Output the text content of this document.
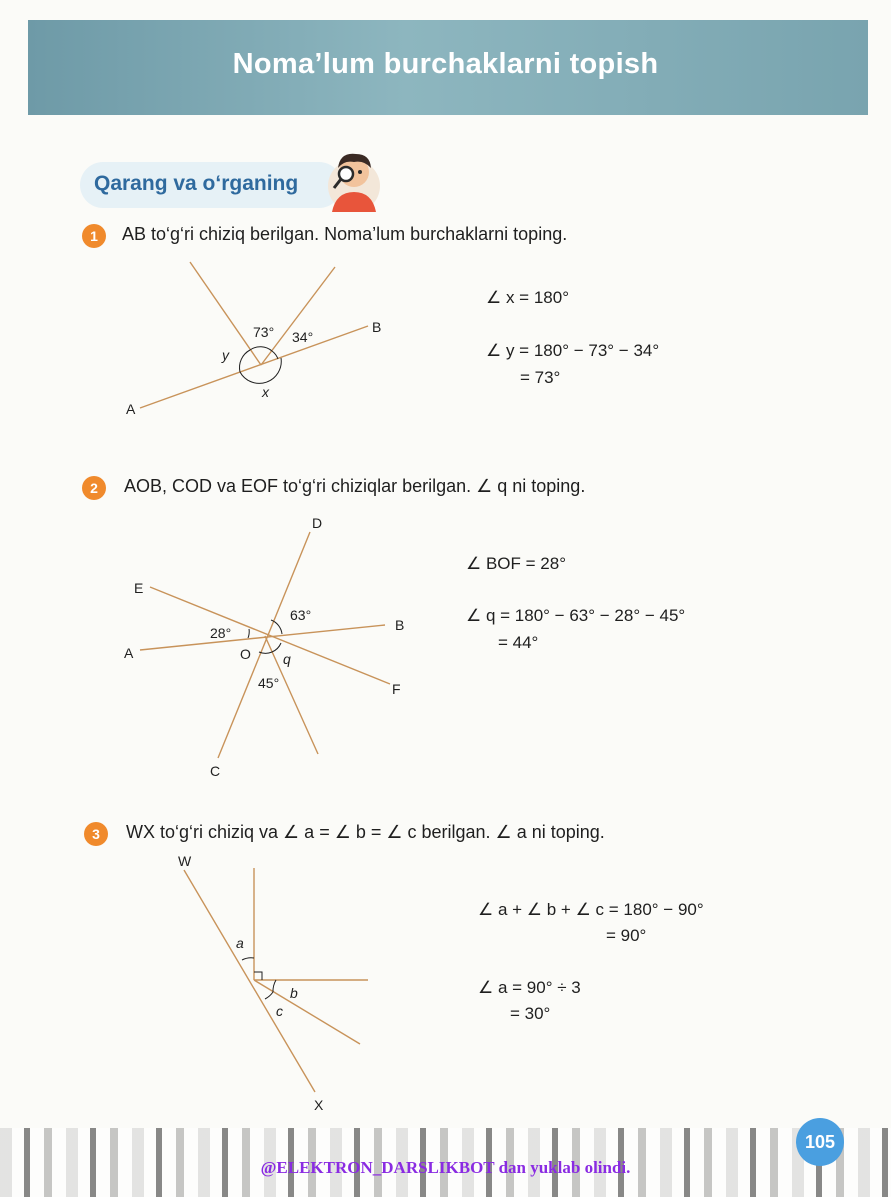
Noma’lum burchaklarni topish
Qarang va o‘rganing
1	AB to‘g‘ri chiziq berilgan. Noma’lum burchaklarni toping.
A
B
73° 34°
y
x
∠ x = 180°
∠ y = 180° − 73° − 34°
= 73°
2	AOB, COD va EOF to‘g‘ri chiziqlar berilgan. ∠ q ni toping.
D
E
A
B
F
C
O
63°
28°
45°
q
∠ BOF = 28°
∠ q = 180° − 63° − 28° − 45°
= 44°
3	WX to‘g‘ri chiziq va ∠ a = ∠ b = ∠ c berilgan. ∠ a ni toping.
W
X
a
b
c
∠ a + ∠ b + ∠ c = 180° − 90°
= 90°
∠ a = 90° ÷ 3
= 30°
@ELEKTRON_DARSLIKBOT dan yuklab olindi.
105
